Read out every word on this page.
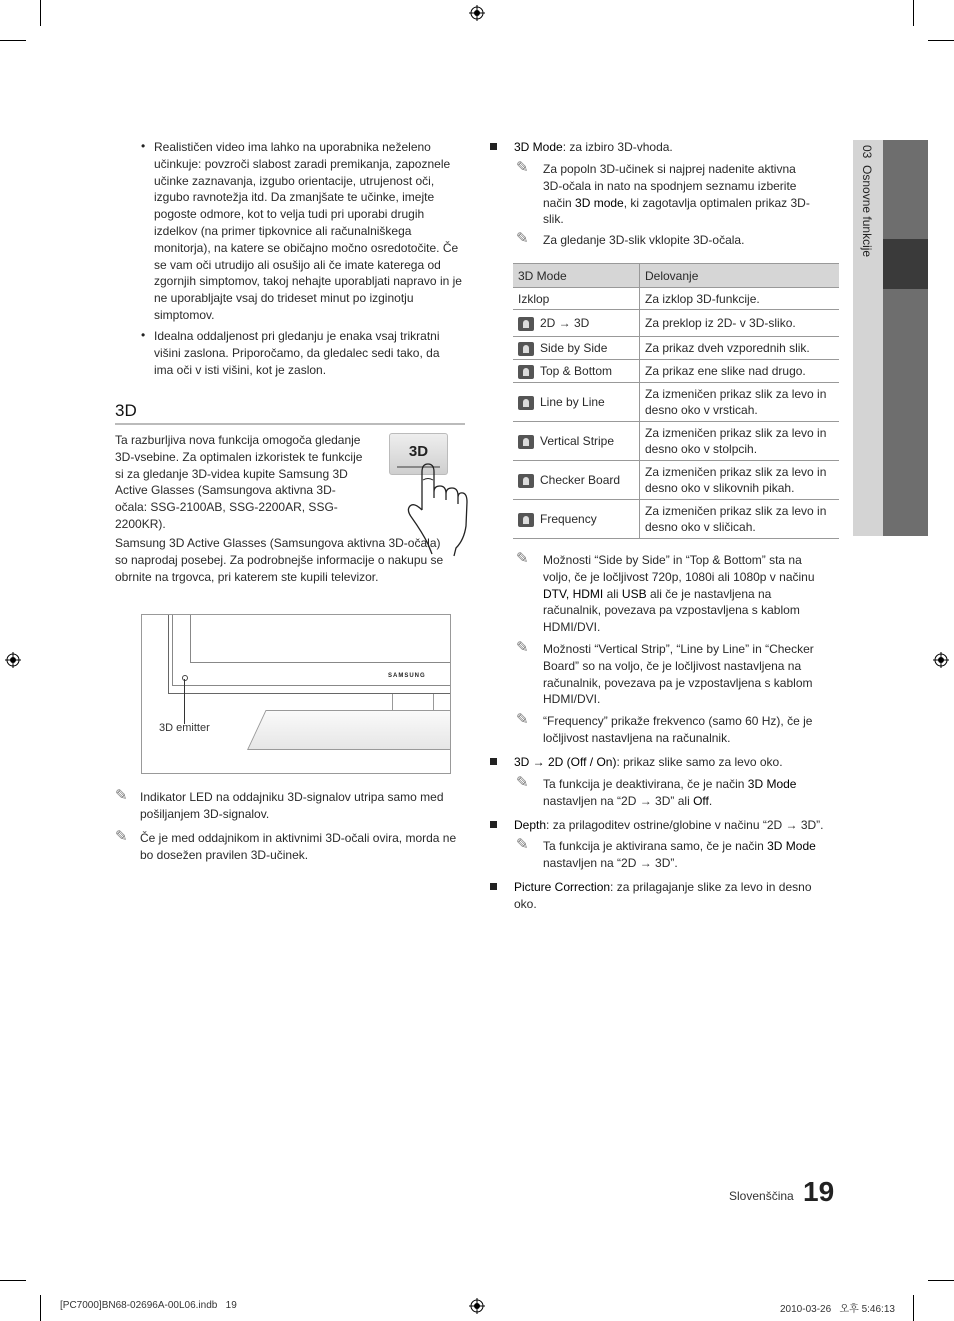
• Realističen video ima lahko na uporabnika neželeno učinkuje: povzroči slabost zaradi premikanja, zapoznele učinke zaznavanja, izgubo orientacije, utrujenost oči, izgubo ravnotežja itd. Da zmanjšate te učinke, imejte pogoste odmore, kot to velja tudi pri uporabi drugih izdelkov (na primer tipkovnice ali računalniškega monitorja), na katere se običajno močno osredotočite. Če se vam oči utrudijo ali osušijo ali če imate katerega od zgornjih simptomov, takoj nehajte uporabljati napravo in je ne uporabljajte vsaj do trideset minut po izginotju simptomov.
• Idealna oddaljenost pri gledanju je enaka vsaj trikratni višini zaslona. Priporočamo, da gledalec sedi tako, da ima oči v isti višini, kot je zaslon.
3D
Ta razburljiva nova funkcija omogoča gledanje 3D-vsebine. Za optimalen izkoristek te funkcije si za gledanje 3D-videa kupite Samsung 3D Active Glasses (Samsungova aktivna 3D-očala: SSG-2100AB, SSG-2200AR, SSG-2200KR).
Samsung 3D Active Glasses (Samsungova aktivna 3D-očala) so naprodaj posebej. Za podrobnejše informacije o nakupu se obrnite na trgovca, pri katerem ste kupili televizor.
3D
SAMSUNG
3D emitter
✎ Indikator LED na oddajniku 3D-signalov utripa samo med pošiljanjem 3D-signalov.
✎ Če je med oddajnikom in aktivnimi 3D-očali ovira, morda ne bo dosežen pravilen 3D-učinek.
3D Mode: za izbiro 3D-vhoda.
✎ Za popoln 3D-učinek si najprej nadenite aktivna 3D-očala in nato na spodnjem seznamu izberite način 3D mode, ki zagotavlja optimalen prikaz 3D-slik.
✎ Za gledanje 3D-slik vklopite 3D-očala.
3D Mode	Delovanje
Izklop	Za izklop 3D-funkcije.
2D → 3D	Za preklop iz 2D- v 3D-sliko.
Side by Side	Za prikaz dveh vzporednih slik.
Top & Bottom	Za prikaz ene slike nad drugo.
Line by Line	Za izmeničen prikaz slik za levo in desno oko v vrsticah.
Vertical Stripe	Za izmeničen prikaz slik za levo in desno oko v stolpcih.
Checker Board	Za izmeničen prikaz slik za levo in desno oko v slikovnih pikah.
Frequency	Za izmeničen prikaz slik za levo in desno oko v sličicah.
✎ Možnosti “Side by Side” in “Top & Bottom” sta na voljo, če je ločljivost 720p, 1080i ali 1080p v načinu DTV, HDMI ali USB ali če je nastavljena na računalnik, povezava pa vzpostavljena s kablom HDMI/DVI.
✎ Možnosti “Vertical Strip”, “Line by Line” in “Checker Board” so na voljo, če je ločljivost nastavljena na računalnik, povezava pa je vzpostavljena s kablom HDMI/DVI.
✎ “Frequency” prikaže frekvenco (samo 60 Hz), če je ločljivost nastavljena na računalnik.
3D → 2D (Off / On): prikaz slike samo za levo oko.
✎ Ta funkcija je deaktivirana, če je način 3D Mode nastavljen na “2D → 3D” ali Off.
Depth: za prilagoditev ostrine/globine v načinu “2D → 3D”.
✎ Ta funkcija je aktivirana samo, če je način 3D Mode nastavljen na “2D → 3D”.
Picture Correction: za prilagajanje slike za levo in desno oko.
03  Osnovne funkcije
Slovenščina 19
[PC7000]BN68-02696A-00L06.indb   19	2010-03-26   오후 5:46:13
